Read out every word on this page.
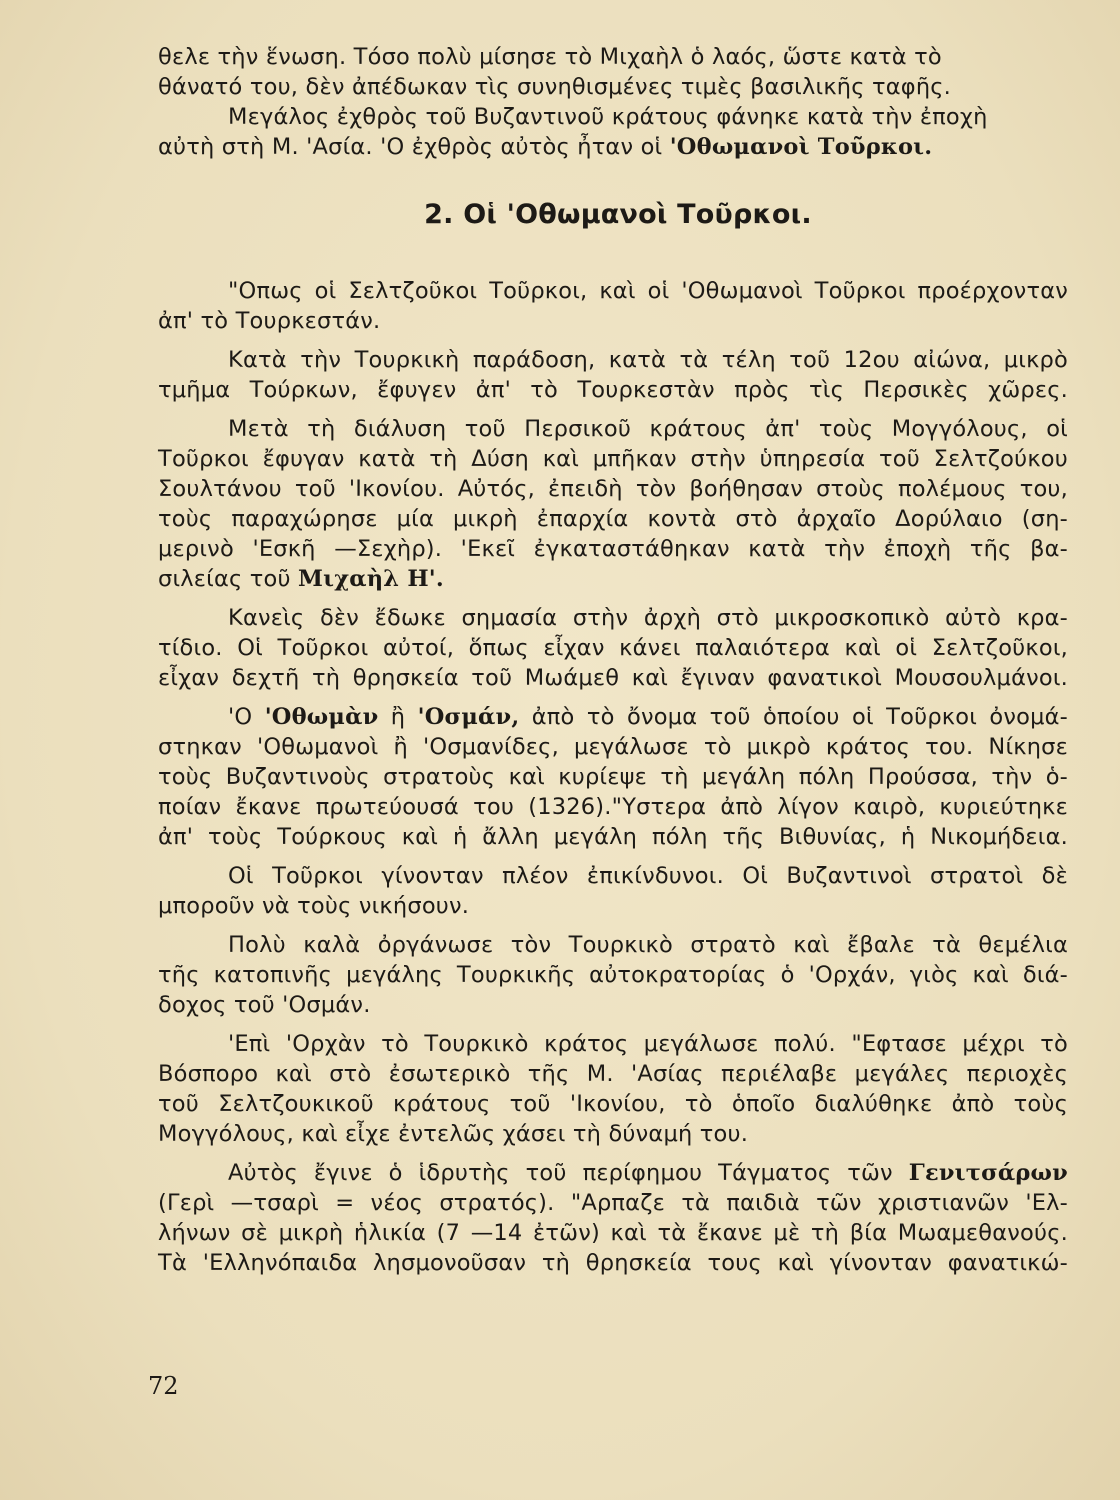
θελε τὴν ἕνωση. Τόσο πολὺ μίσησε τὸ Μιχαὴλ ὁ λαός, ὥστε κατὰ τὸ
θάνατό του, δὲν ἀπέδωκαν τὶς συνηθισμένες τιμὲς βασιλικῆς ταφῆς.
Μεγάλος ἐχθρὸς τοῦ Βυζαντινοῦ κράτους φάνηκε κατὰ τὴν ἐποχὴ
αὐτὴ στὴ Μ. 'Ασία. 'Ο ἐχθρὸς αὐτὸς ἦταν οἱ 'Οθωμανοὶ Τοῦρκοι.
2. Οἱ 'Οθωμανοὶ Τοῦρκοι.
"Οπως οἱ Σελτζοῦκοι Τοῦρκοι, καὶ οἱ 'Οθωμανοὶ Τοῦρκοι προέρχονταν
ἀπ' τὸ Τουρκεστάν.
Κατὰ τὴν Τουρκικὴ παράδοση, κατὰ τὰ τέλη τοῦ 12ου αἰώνα, μικρὸ
τμῆμα Τούρκων, ἔφυγεν ἀπ' τὸ Τουρκεστὰν πρὸς τὶς Περσικὲς χῶρες.
Μετὰ τὴ διάλυση τοῦ Περσικοῦ κράτους ἀπ' τοὺς Μογγόλους, οἱ
Τοῦρκοι ἔφυγαν κατὰ τὴ Δύση καὶ μπῆκαν στὴν ὑπηρεσία τοῦ Σελτζούκου
Σουλτάνου τοῦ 'Ικονίου. Αὐτός, ἐπειδὴ τὸν βοήθησαν στοὺς πολέμους του,
τοὺς παραχώρησε μία μικρὴ ἐπαρχία κοντὰ στὸ ἀρχαῖο Δορύλαιο (ση-
μερινὸ 'Εσκῆ —Σεχὴρ). 'Εκεῖ ἐγκαταστάθηκαν κατὰ τὴν ἐποχὴ τῆς βα-
σιλείας τοῦ Μιχαὴλ Η'.
Κανεὶς δὲν ἔδωκε σημασία στὴν ἀρχὴ στὸ μικροσκοπικὸ αὐτὸ κρα-
τίδιο. Οἱ Τοῦρκοι αὐτοί, ὅπως εἶχαν κάνει παλαιότερα καὶ οἱ Σελτζοῦκοι,
εἶχαν δεχτῆ τὴ θρησκεία τοῦ Μωάμεθ καὶ ἔγιναν φανατικοὶ Μουσουλμάνοι.
'Ο 'Οθωμὰν ἢ 'Οσμάν, ἀπὸ τὸ ὄνομα τοῦ ὁποίου οἱ Τοῦρκοι ὀνομά-
στηκαν 'Οθωμανοὶ ἢ 'Οσμανίδες, μεγάλωσε τὸ μικρὸ κράτος του. Νίκησε
τοὺς Βυζαντινοὺς στρατοὺς καὶ κυρίεψε τὴ μεγάλη πόλη Προύσσα, τὴν ὁ-
ποίαν ἔκανε πρωτεύουσά του (1326)."Υστερα ἀπὸ λίγον καιρὸ, κυριεύτηκε
ἀπ' τοὺς Τούρκους καὶ ἡ ἄλλη μεγάλη πόλη τῆς Βιθυνίας, ἡ Νικομήδεια.
Οἱ Τοῦρκοι γίνονταν πλέον ἐπικίνδυνοι. Οἱ Βυζαντινοὶ στρατοὶ δὲ
μποροῦν νὰ τοὺς νικήσουν.
Πολὺ καλὰ ὀργάνωσε τὸν Τουρκικὸ στρατὸ καὶ ἔβαλε τὰ θεμέλια
τῆς κατοπινῆς μεγάλης Τουρκικῆς αὐτοκρατορίας ὁ 'Ορχάν, γιὸς καὶ διά-
δοχος τοῦ 'Οσμάν.
'Επὶ 'Ορχὰν τὸ Τουρκικὸ κράτος μεγάλωσε πολύ. "Εφτασε μέχρι τὸ
Βόσπορο καὶ στὸ ἐσωτερικὸ τῆς Μ. 'Ασίας περιέλαβε μεγάλες περιοχὲς
τοῦ Σελτζουκικοῦ κράτους τοῦ 'Ικονίου, τὸ ὁποῖο διαλύθηκε ἀπὸ τοὺς
Μογγόλους, καὶ εἶχε ἐντελῶς χάσει τὴ δύναμή του.
Αὐτὸς ἔγινε ὁ ἱδρυτὴς τοῦ περίφημου Τάγματος τῶν Γενιτσάρων
(Γερὶ —τσαρὶ = νέος στρατός). "Αρπαζε τὰ παιδιὰ τῶν χριστιανῶν 'Ελ-
λήνων σὲ μικρὴ ἡλικία (7 —14 ἐτῶν) καὶ τὰ ἔκανε μὲ τὴ βία Μωαμεθανούς.
Τὰ 'Ελληνόπαιδα λησμονοῦσαν τὴ θρησκεία τους καὶ γίνονταν φανατικώ-
72
